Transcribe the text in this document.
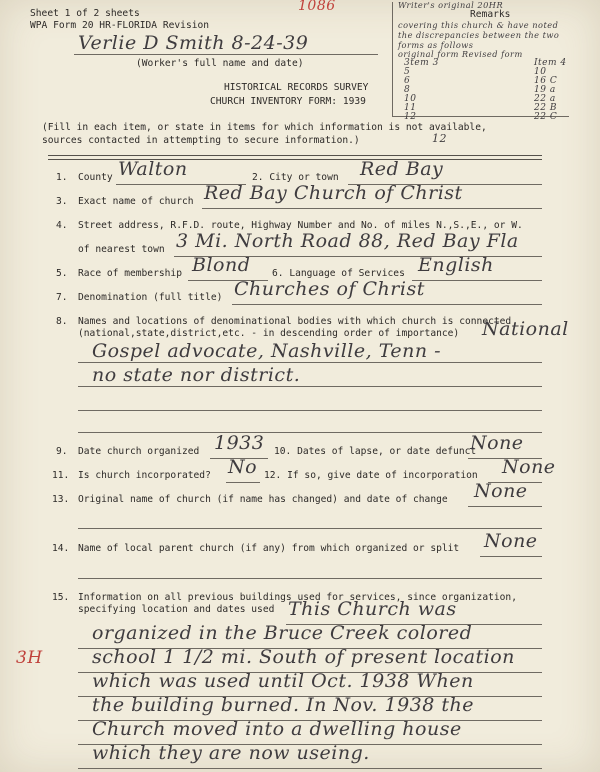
Sheet 1 of 2 sheets
WPA Form 20 HR-FLORIDA Revision
1086
Verlie D Smith 8-24-39
(Worker's full name and date)
HISTORICAL RECORDS SURVEY
CHURCH INVENTORY FORM: 1939
Remarks
Writer's original 20HR
covering this church & have noted
the discrepancies between the two
forms as follows
original form Revised form
3tem 3	Item 4
5	10
6	16 C
8	19 a
10	22 a
11	22 B
12	22 C
(Fill in each item, or state in items for which information is not available,
sources contacted in attempting to secure information.)	12
1. County Walton	2. City or town Red Bay
3. Exact name of church Red Bay Church of Christ
4. Street address, R.F.D. route, Highway Number and No. of miles N.,S.,E., or W.
of nearest town 3 Mi. North Road 88, Red Bay Fla
5. Race of membership Blond 6. Language of Services English
7. Denomination (full title) Churches of Christ
8. Names and locations of denominational bodies with which church is connected
(national,state,district,etc. - in descending order of importance) National
Gospel advocate, Nashville, Tenn -
no state nor district.
9. Date church organized 1933 10. Dates of lapse, or date defunct
None
11. Is church incorporated? No 12. If so, give date of incorporation None
13. Original name of church (if name has changed) and date of change None
14. Name of local parent church (if any) from which organized or split None
15. Information on all previous buildings used for services, since organization,
specifying location and dates used
3H
This Church was
organized in the Bruce Creek colored
school 1 1/2 mi. South of present location
which was used until Oct. 1938 When
the building burned. In Nov. 1938 the
Church moved into a dwelling house
which they are now useing.
